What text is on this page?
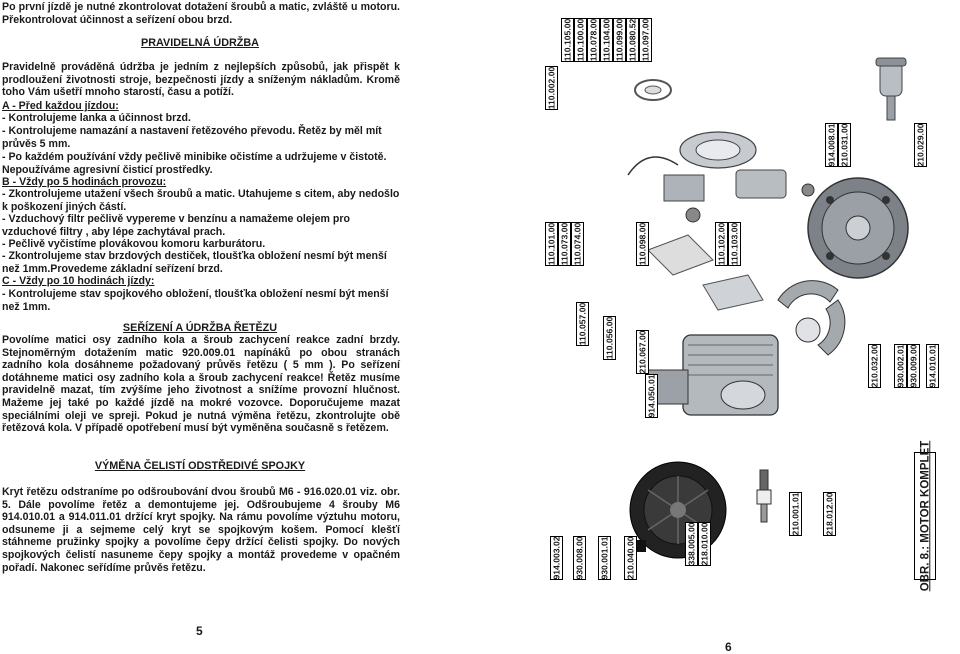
Po první jízdě je nutné zkontrolovat dotažení šroubů a matic, zvláště u motoru. Překontrolovat účinnost a seřízení obou brzd.

PRAVIDELNÁ ÚDRŽBA

Pravidelně prováděná údržba je jedním z nejlepších způsobů, jak přispět k prodloužení životnosti stroje, bezpečnosti jízdy a sníženým nákladům. Kromě toho Vám ušetří mnoho starostí, času a potíží.

A - Před každou jízdou:

- Kontrolujeme lanka a účinnost brzd.

- Kontrolujeme namazání a nastavení řetězového převodu. Řetěz by měl mít průvěs 5 mm.

- Po každém používání vždy pečlivě minibike očistíme a udržujeme v čistotě. Nepoužíváme agresivní čisticí prostředky.

B - Vždy po 5 hodinách provozu:

- Zkontrolujeme utažení všech šroubů a matic. Utahujeme s citem, aby nedošlo k poškození jiných částí.

- Vzduchový filtr pečlivě vypereme v benzínu a namažeme olejem pro vzduchové filtry , aby lépe zachytával prach.

- Pečlivě vyčistíme plovákovou komoru karburátoru.

- Zkontrolujeme stav brzdových destiček, tloušťka obložení nesmí být menší než 1mm.Provedeme základní seřízení brzd.

C - Vždy po 10 hodinách jízdy:

- Kontrolujeme stav spojkového obložení, tloušťka obložení nesmí být menší než 1mm.

SEŘÍZENÍ A ÚDRŽBA ŘETĚZU

Povolíme matici osy zadního kola a šroub zachycení reakce zadní brzdy. Stejnoměrným dotažením matic 920.009.01 napínáků po obou stranách zadního kola dosáhneme požadovaný průvěs řetězu ( 5 mm ). Po seřízení dotáhneme matici osy zadního kola a šroub zachycení reakce! Řetěz musíme pravidelně mazat, tím zvýšíme jeho životnost a snížíme provozní hlučnost. Mažeme jej také po každé jízdě na mokré vozovce. Doporučujeme mazat speciálními oleji ve spreji. Pokud je nutná výměna řetězu, zkontrolujte obě řetězová kola. V případě opotřebení musí být vyměněna současně s řetězem.

VÝMĚNA ČELISTÍ ODSTŘEDIVÉ SPOJKY

Kryt řetězu odstraníme po odšroubování dvou šroubů M6 - 916.020.01 viz. obr. 5. Dále povolíme řetěz a demontujeme jej. Odšroubujeme 4 šrouby M6 914.010.01 a 914.011.01 držící kryt spojky. Na rámu povolíme výztuhu motoru, odsuneme ji a sejmeme celý kryt se spojkovým košem. Pomocí klešťí stáhneme pružinky spojky a povolíme čepy držící čelisti spojky. Do nových spojkových čelistí nasuneme čepy spojky a montáž provedeme v opačném pořadí. Nakonec seřídíme průvěs řetězu.

5
110.105.00 110.100.00 110.078.00 110.104.00 110.099.00 110.080.52 110.097.00
110.002.00
914.008.01 210.031.00	210.029.00
110.101.00 110.073.00 110.074.00	110.098.00	110.102.00 110.103.00
110.057.00 110.056.00	210.067.00
914.050.01
210.032.00 930.002.01 930.009.00 914.010.01
914.003.02 930.008.00 930.001.01 210.040.00	338.005.00 218.010.00
210.001.01	218.012.00	OBR. 8.: MOTOR KOMPLET
6
